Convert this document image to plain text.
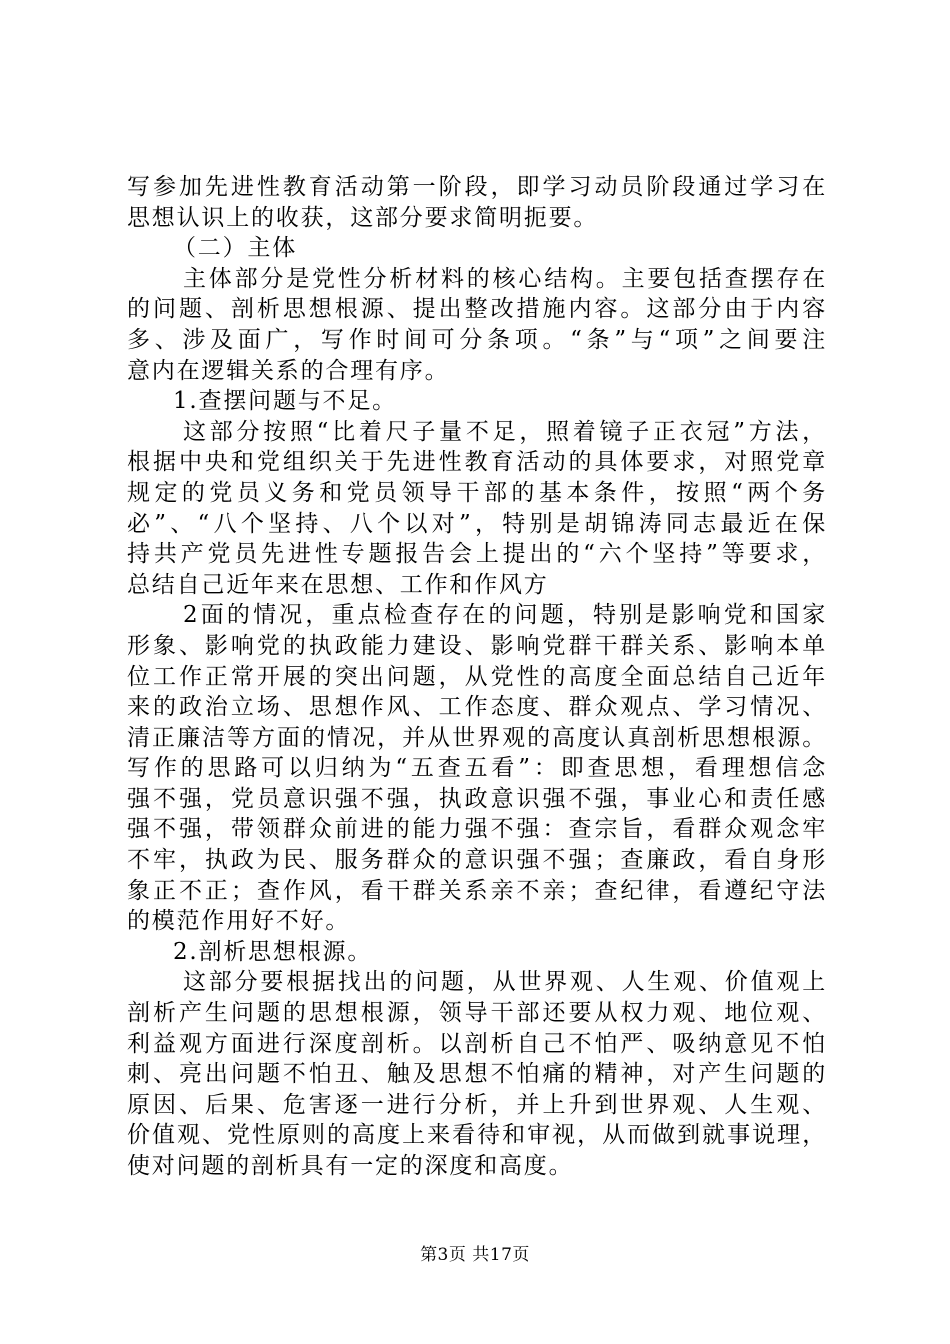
写参加先进性教育活动第一阶段，即学习动员阶段通过学习在
思想认识上的收获，这部分要求简明扼要。
（二）主体
主体部分是党性分析材料的核心结构。主要包括查摆存在
的问题、剖析思想根源、提出整改措施内容。这部分由于内容
多、涉及面广，写作时间可分条项。“条”与“项”之间要注
意内在逻辑关系的合理有序。
1.查摆问题与不足。
这部分按照“比着尺子量不足，照着镜子正衣冠”方法，
根据中央和党组织关于先进性教育活动的具体要求，对照党章
规定的党员义务和党员领导干部的基本条件，按照“两个务
必”、“八个坚持、八个以对”，特别是胡锦涛同志最近在保
持共产党员先进性专题报告会上提出的“六个坚持”等要求，
总结自己近年来在思想、工作和作风方
2面的情况，重点检查存在的问题，特别是影响党和国家
形象、影响党的执政能力建设、影响党群干群关系、影响本单
位工作正常开展的突出问题，从党性的高度全面总结自己近年
来的政治立场、思想作风、工作态度、群众观点、学习情况、
清正廉洁等方面的情况，并从世界观的高度认真剖析思想根源。
写作的思路可以归纳为“五查五看”：即查思想，看理想信念
强不强，党员意识强不强，执政意识强不强，事业心和责任感
强不强，带领群众前进的能力强不强：查宗旨，看群众观念牢
不牢，执政为民、服务群众的意识强不强；查廉政，看自身形
象正不正；查作风，看干群关系亲不亲；查纪律，看遵纪守法
的模范作用好不好。
2.剖析思想根源。
这部分要根据找出的问题，从世界观、人生观、价值观上
剖析产生问题的思想根源，领导干部还要从权力观、地位观、
利益观方面进行深度剖析。以剖析自己不怕严、吸纳意见不怕
刺、亮出问题不怕丑、触及思想不怕痛的精神，对产生问题的
原因、后果、危害逐一进行分析，并上升到世界观、人生观、
价值观、党性原则的高度上来看待和审视，从而做到就事说理，
使对问题的剖析具有一定的深度和高度。
第3页 共17页
